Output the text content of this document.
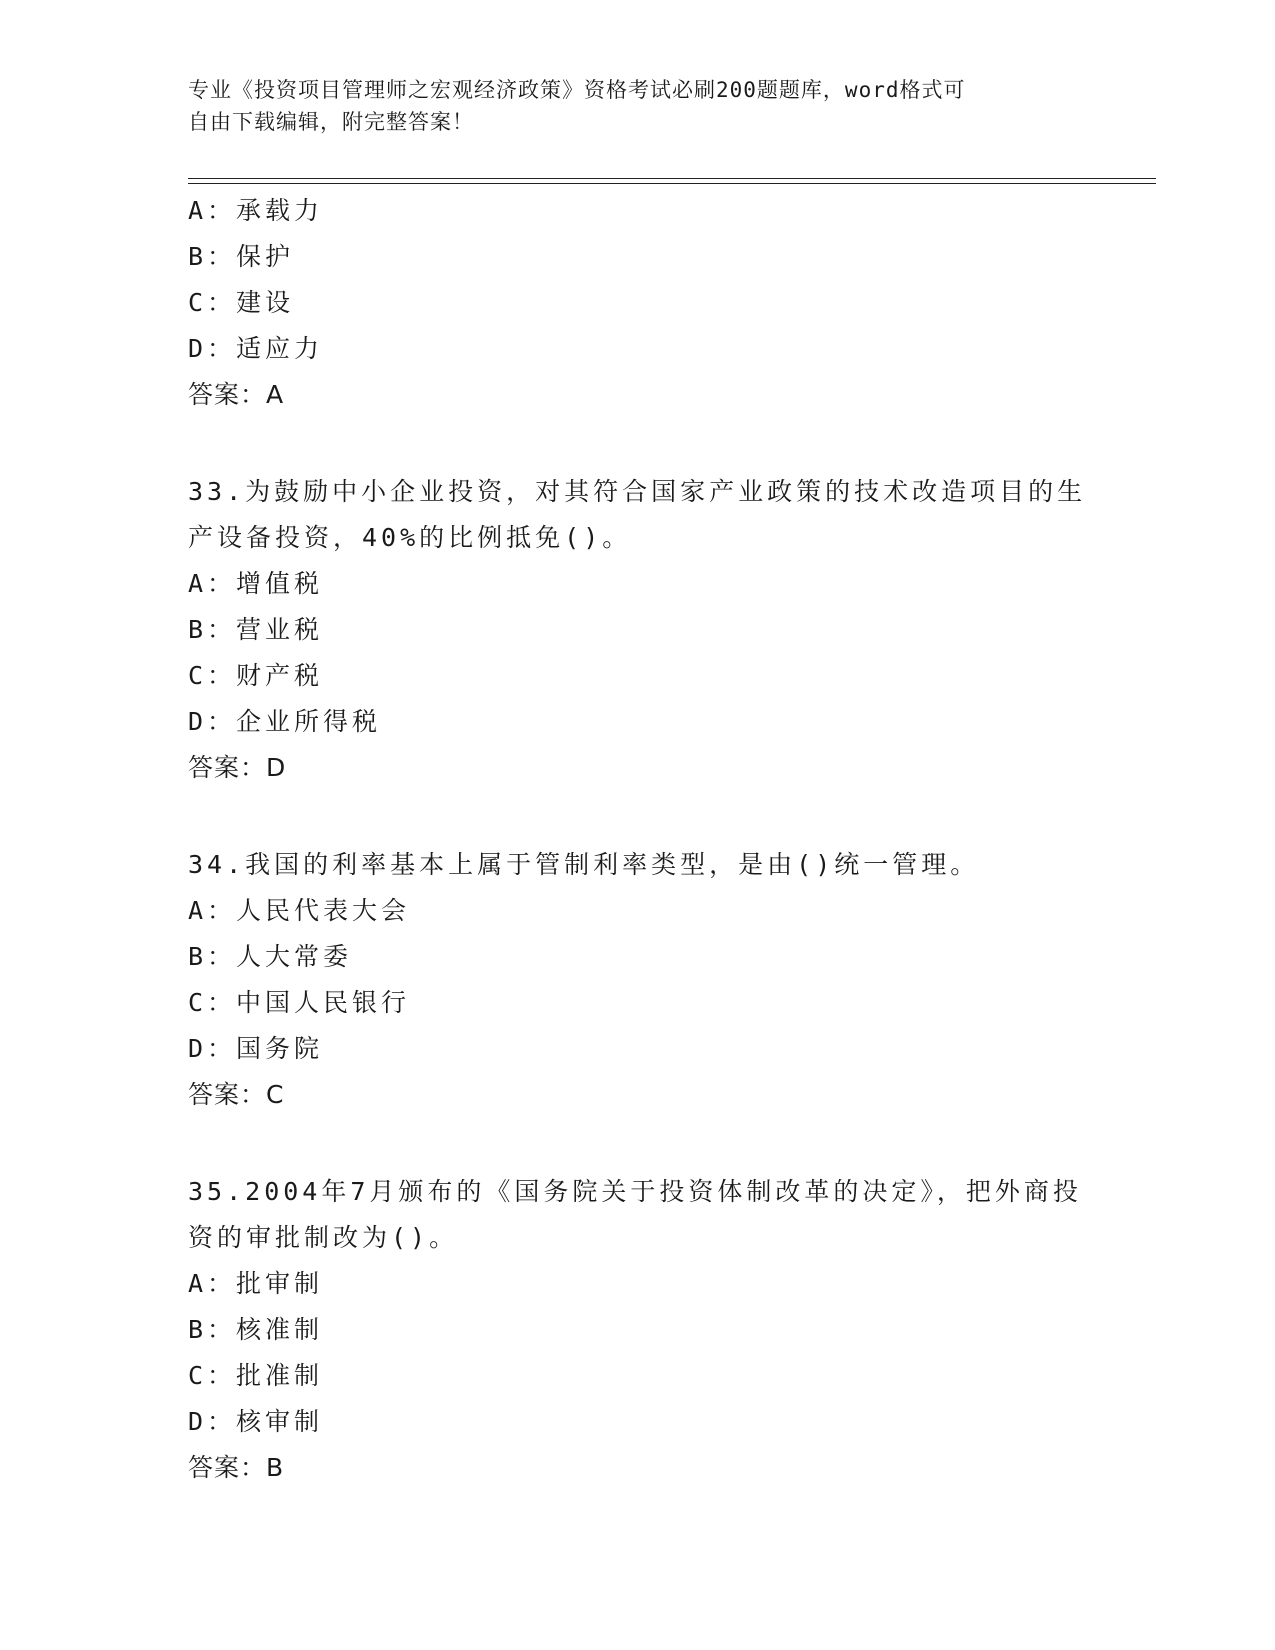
专业《投资项目管理师之宏观经济政策》资格考试必刷200题题库，word格式可
自由下载编辑，附完整答案！
A：承载力
B：保护
C：建设
D：适应力
答案：A
33.为鼓励中小企业投资，对其符合国家产业政策的技术改造项目的生产设备投资，40%的比例抵免()。
A：增值税
B：营业税
C：财产税
D：企业所得税
答案：D
34.我国的利率基本上属于管制利率类型，是由()统一管理。
A：人民代表大会
B：人大常委
C：中国人民银行
D：国务院
答案：C
35.2004年7月颁布的《国务院关于投资体制改革的决定》，把外商投资的审批制改为()。
A：批审制
B：核准制
C：批准制
D：核审制
答案：B
